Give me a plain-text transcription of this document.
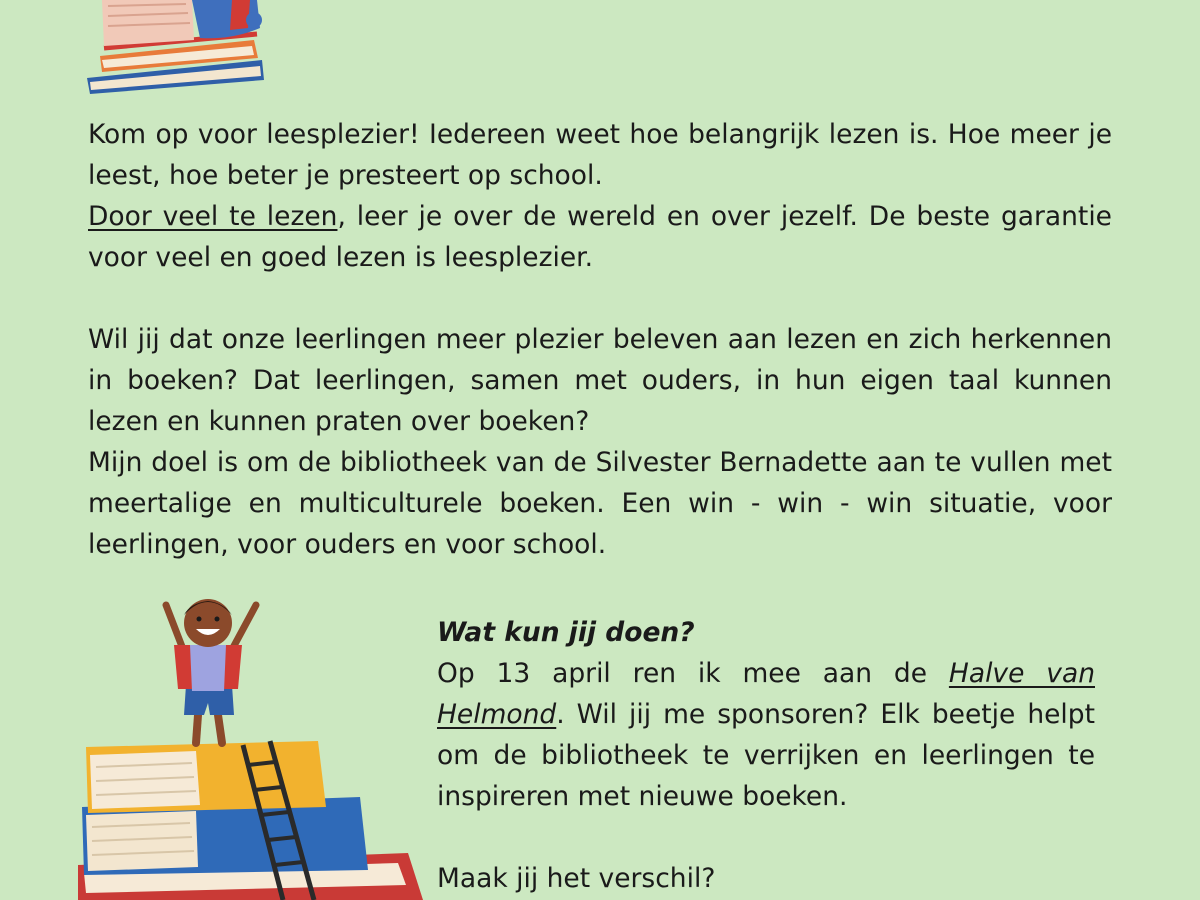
Kom op voor leesplezier! Iedereen weet hoe belangrijk lezen is. Hoe meer je leest, hoe beter je presteert op school.

Door veel te lezen, leer je over de wereld en over jezelf. De beste garantie voor veel en goed lezen is leesplezier.

Wil jij dat onze leerlingen meer plezier beleven aan lezen en zich herkennen in boeken? Dat leerlingen, samen met ouders, in hun eigen taal kunnen lezen en kunnen praten over boeken?

Mijn doel is om de bibliotheek van de Silvester Bernadette aan te vullen met meertalige en multiculturele boeken. Een win - win - win situatie, voor leerlingen, voor ouders en voor school.

Wat kun jij doen?

Op 13 april ren ik mee aan de Halve van Helmond. Wil jij me sponsoren? Elk beetje helpt om de bibliotheek te verrijken en leerlingen te inspireren met nieuwe boeken.

Maak jij het verschil?
